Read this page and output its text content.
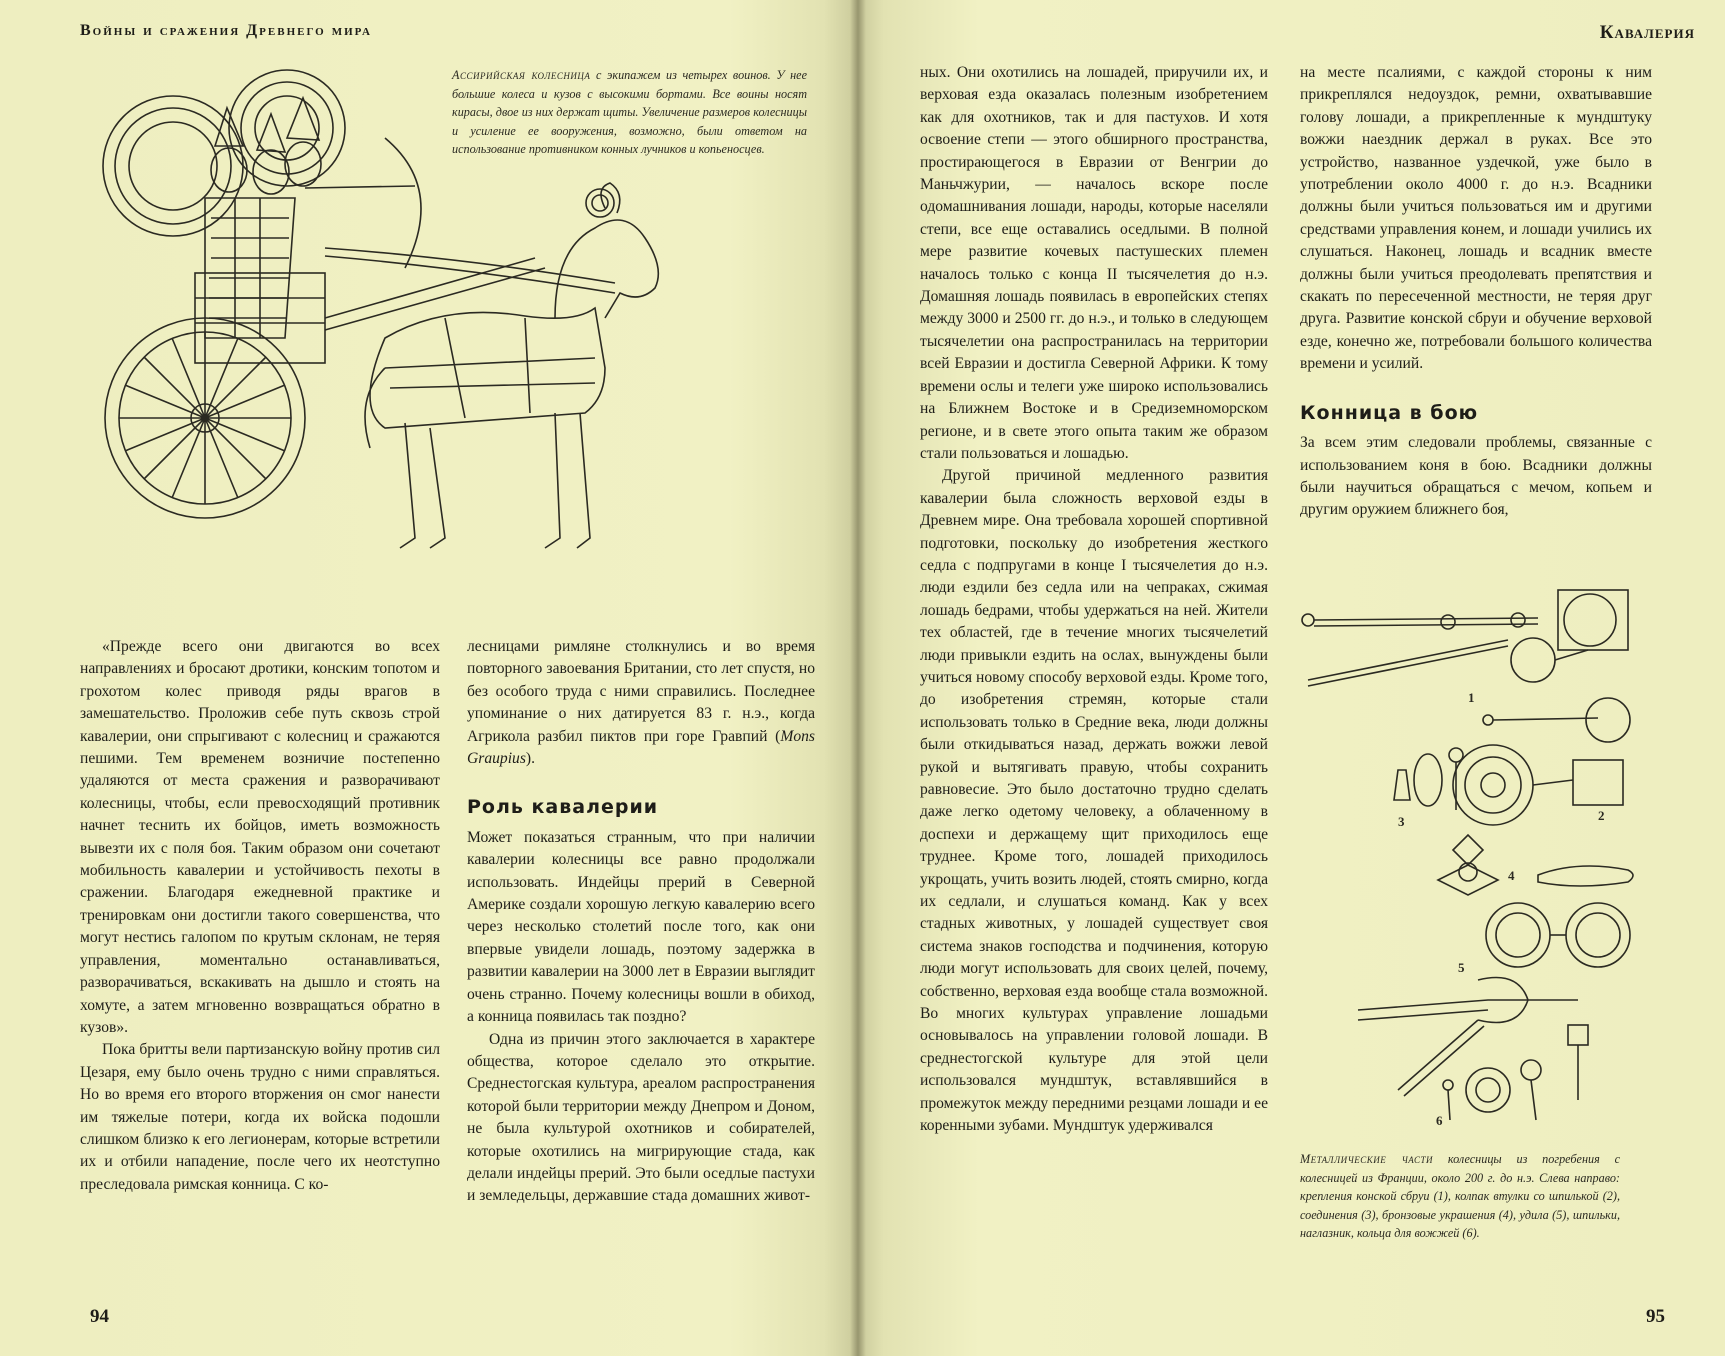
Войны и сражения Древнего мира
Ассирийская колесница с экипажем из четырех воинов. У нее большие колеса и кузов с высокими бортами. Все воины носят кирасы, двое из них держат щиты. Увеличение размеров колесницы и усиление ее вооружения, возможно, были ответом на использование противником конных лучников и копьеносцев.

«Прежде всего они двигаются во всех направлениях и бросают дротики, конским топотом и грохотом колес приводя ряды врагов в замешательство. Проложив себе путь сквозь строй кавалерии, они спрыгивают с колесниц и сражаются пешими. Тем временем возничие постепенно удаляются от места сражения и разворачивают колесницы, чтобы, если превосходящий противник начнет теснить их бойцов, иметь возможность вывезти их с поля боя. Таким образом они сочетают мобильность кавалерии и устойчивость пехоты в сражении. Благодаря ежедневной практике и тренировкам они достигли такого совершенства, что могут нестись галопом по крутым склонам, не теряя управления, моментально останавливаться, разворачиваться, вскакивать на дышло и стоять на хомуте, а затем мгновенно возвращаться обратно в кузов».

Пока бритты вели партизанскую войну против сил Цезаря, ему было очень трудно с ними справляться. Но во время его второго вторжения он смог нанести им тяжелые потери, когда их войска подошли слишком близко к его легионерам, которые встретили их и отбили нападение, после чего их неотступно преследовала римская конница. С ко-

лесницами римляне столкнулись и во время повторного завоевания Британии, сто лет спустя, но без особого труда с ними справились. Последнее упоминание о них датируется 83 г. н.э., когда Агрикола разбил пиктов при горе Гравпий (Mons Graupius).

Роль кавалерии

Может показаться странным, что при наличии кавалерии колесницы все равно продолжали использовать. Индейцы прерий в Северной Америке создали хорошую легкую кавалерию всего через несколько столетий после того, как они впервые увидели лошадь, поэтому задержка в развитии кавалерии на 3000 лет в Евразии выглядит очень странно. Почему колесницы вошли в обиход, а конница появилась так поздно?

Одна из причин этого заключается в характере общества, которое сделало это открытие. Среднестогская культура, ареалом распространения которой были территории между Днепром и Доном, не была культурой охотников и собирателей, которые охотились на мигрирующие стада, как делали индейцы прерий. Это были оседлые пастухи и земледельцы, державшие стада домашних живот-

94
Кавалерия

ных. Они охотились на лошадей, приручили их, и верховая езда оказалась полезным изобретением как для охотников, так и для пастухов. И хотя освоение степи — этого обширного пространства, простирающегося в Евразии от Венгрии до Маньчжурии, — началось вскоре после одомашнивания лошади, народы, которые населяли степи, все еще оставались оседлыми. В полной мере развитие кочевых пастушеских племен началось только с конца II тысячелетия до н.э. Домашняя лошадь появилась в европейских степях между 3000 и 2500 гг. до н.э., и только в следующем тысячелетии она распространилась на территории всей Евразии и достигла Северной Африки. К тому времени ослы и телеги уже широко использовались на Ближнем Востоке и в Средиземноморском регионе, и в свете этого опыта таким же образом стали пользоваться и лошадью.

Другой причиной медленного развития кавалерии была сложность верховой езды в Древнем мире. Она требовала хорошей спортивной подготовки, поскольку до изобретения жесткого седла с подпругами в конце I тысячелетия до н.э. люди ездили без седла или на чепраках, сжимая лошадь бедрами, чтобы удержаться на ней. Жители тех областей, где в течение многих тысячелетий люди привыкли ездить на ослах, вынуждены были учиться новому способу верховой езды. Кроме того, до изобретения стремян, которые стали использовать только в Средние века, люди должны были откидываться назад, держать вожжи левой рукой и вытягивать правую, чтобы сохранить равновесие. Это было достаточно трудно сделать даже легко одетому человеку, а облаченному в доспехи и держащему щит приходилось еще труднее. Кроме того, лошадей приходилось укрощать, учить возить людей, стоять смирно, когда их седлали, и слушаться команд. Как у всех стадных животных, у лошадей существует своя система знаков господства и подчинения, которую люди могут использовать для своих целей, почему, собственно, верховая езда вообще стала возможной. Во многих культурах управление лошадьми основывалось на управлении головой лошади. В среднестогской культуре для этой цели использовался мундштук, вставлявшийся в промежуток между передними резцами лошади и ее коренными зубами. Мундштук удерживался

на месте псалиями, с каждой стороны к ним прикреплялся недоуздок, ремни, охватывавшие голову лошади, а прикрепленные к мундштуку вожжи наездник держал в руках. Все это устройство, названное уздечкой, уже было в употреблении около 4000 г. до н.э. Всадники должны были учиться пользоваться им и другими средствами управления конем, и лошади учились их слушаться. Наконец, лошадь и всадник вместе должны были учиться преодолевать препятствия и скакать по пересеченной местности, не теряя друг друга. Развитие конской сбруи и обучение верховой езде, конечно же, потребовали большого количества времени и усилий.

Конница в бою

За всем этим следовали проблемы, связанные с использованием коня в бою. Всадники должны были научиться обращаться с мечом, копьем и другим оружием ближнего боя,

1
2
3
4
5
6
Металлические части колесницы из погребения с колесницей из Франции, около 200 г. до н.э. Слева направо: крепления конской сбруи (1), колпак втулки со шпилькой (2), соединения (3), бронзовые украшения (4), удила (5), шпильки, наглазник, кольца для вожжей (6).
95
